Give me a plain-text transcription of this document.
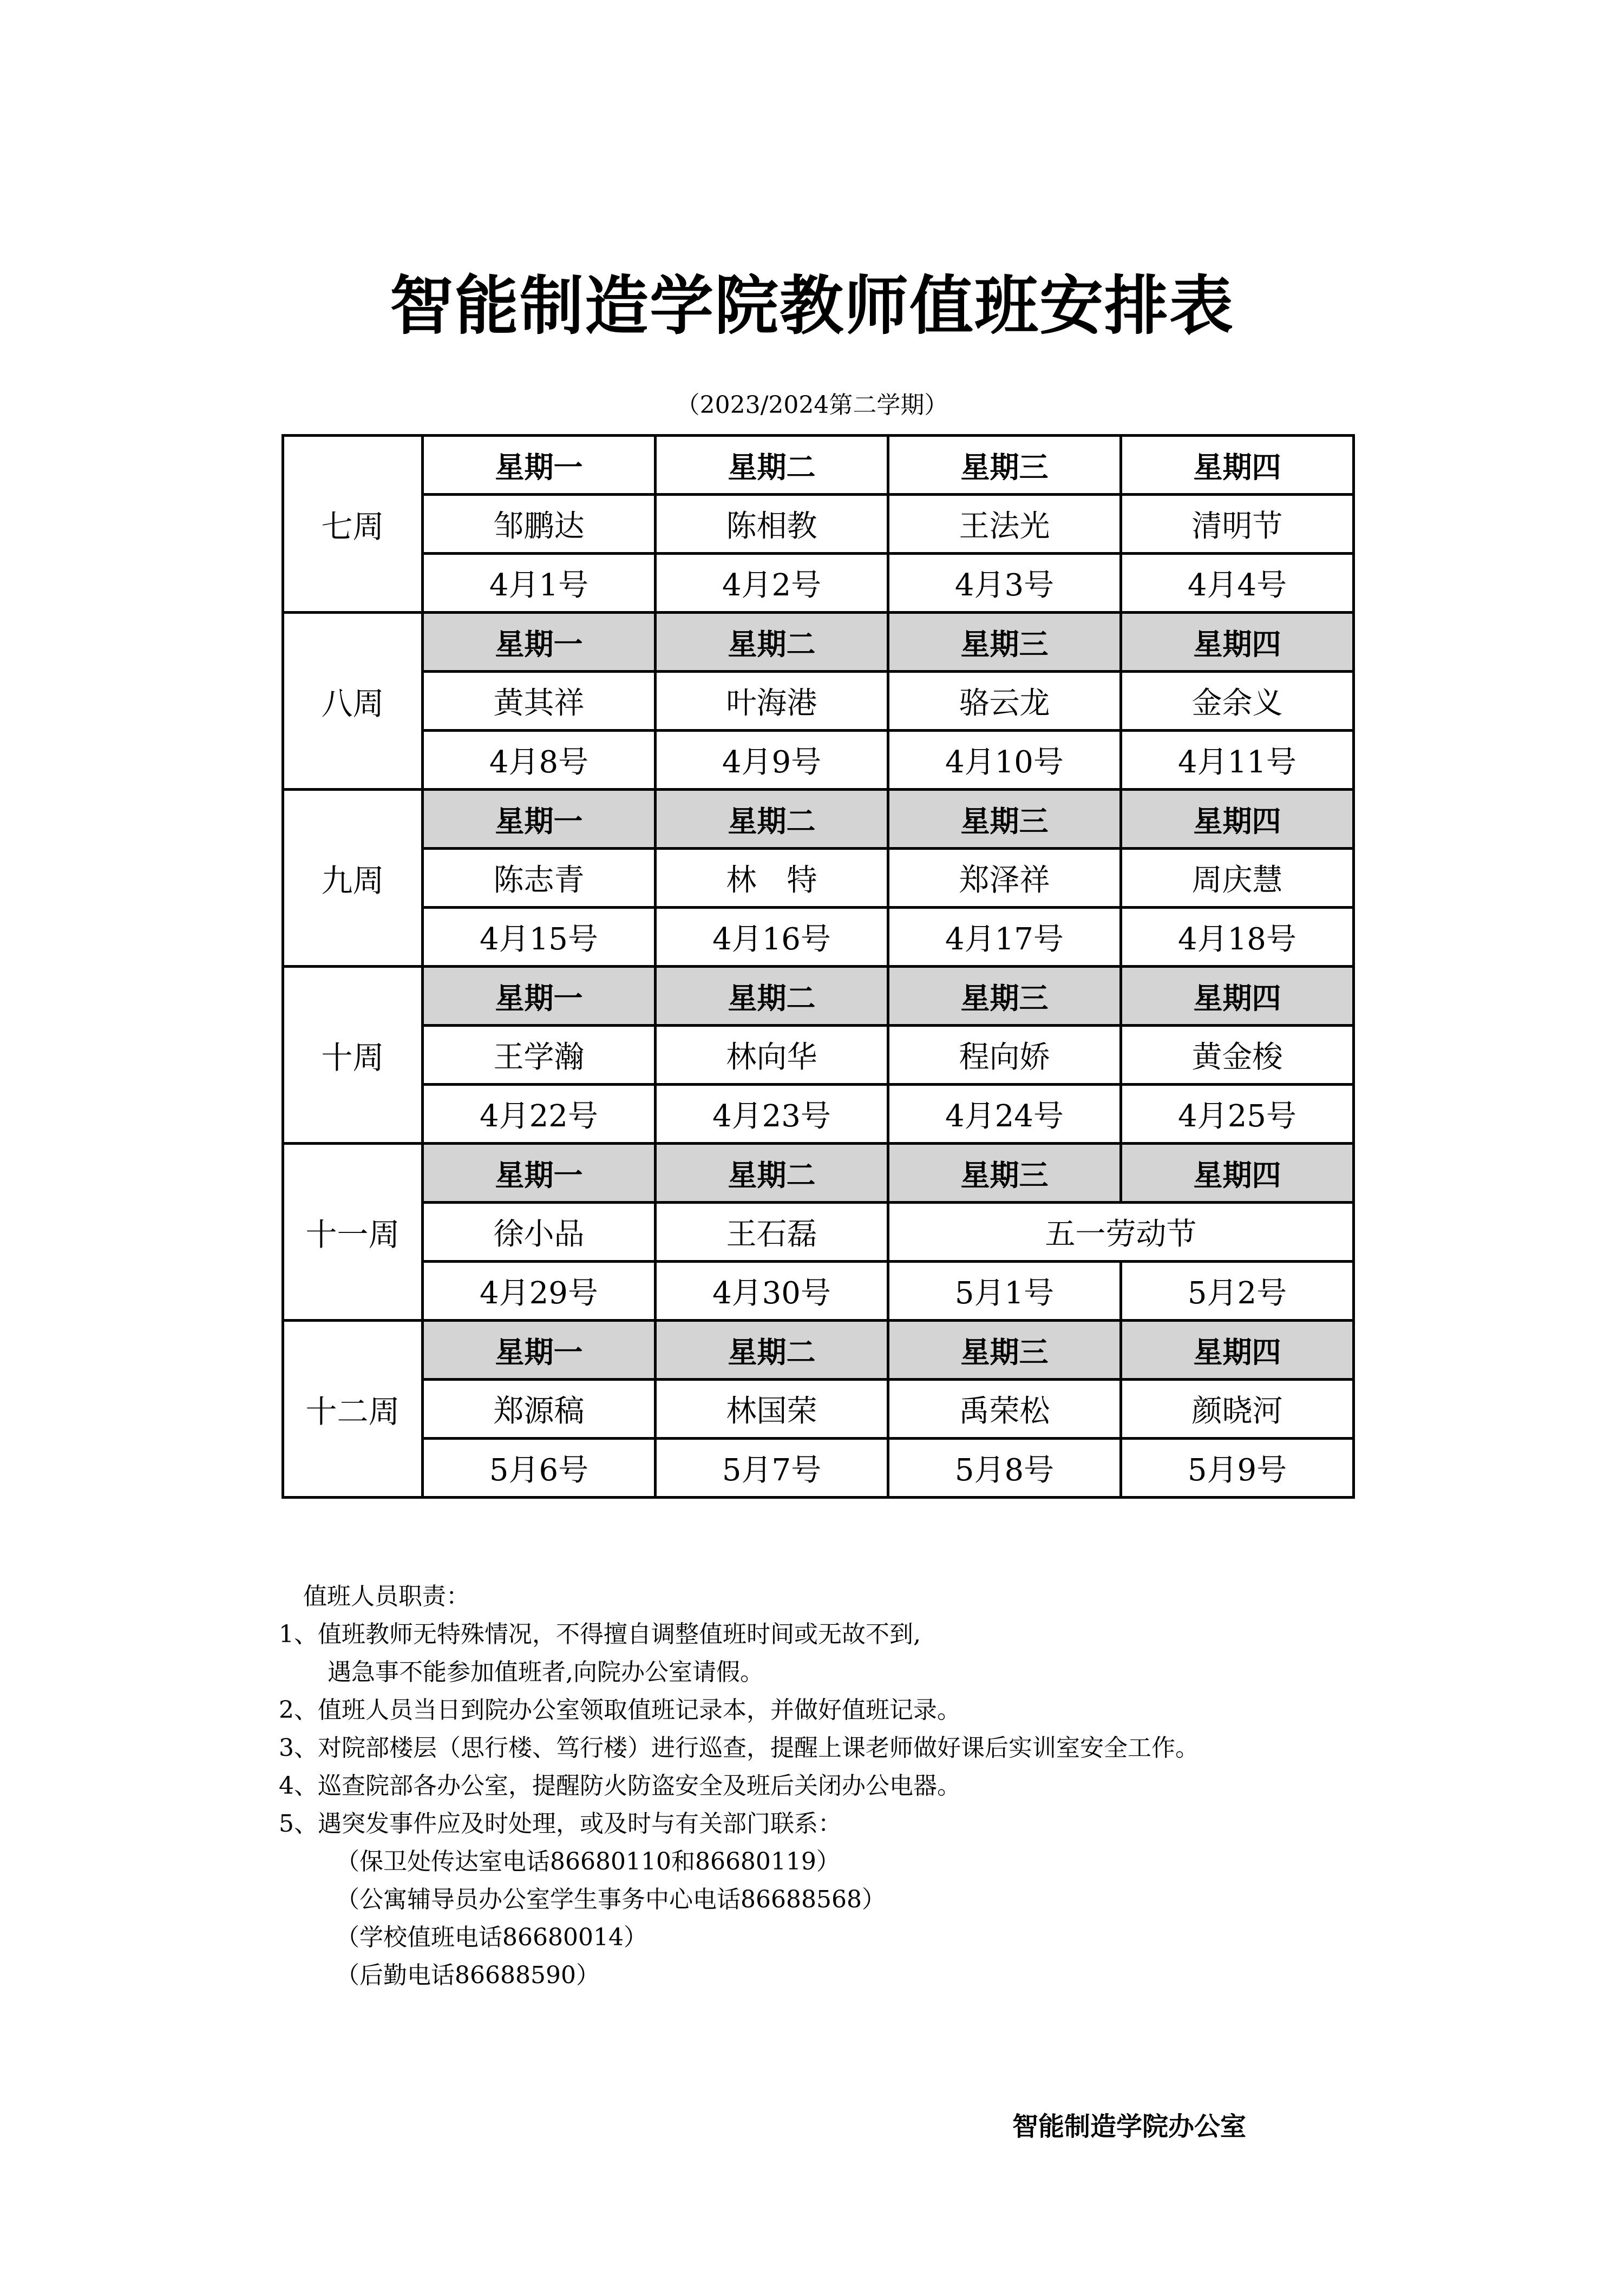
智能制造学院教师值班安排表
（2023/2024第二学期）
七周	星期一	星期二	星期三	星期四
	邹鹏达	陈相教	王法光	清明节
	4月1号	4月2号	4月3号	4月4号
八周	星期一	星期二	星期三	星期四
	黄其祥	叶海港	骆云龙	金余义
	4月8号	4月9号	4月10号	4月11号
九周	星期一	星期二	星期三	星期四
	陈志青	林　特	郑泽祥	周庆慧
	4月15号	4月16号	4月17号	4月18号
十周	星期一	星期二	星期三	星期四
	王学瀚	林向华	程向娇	黄金梭
	4月22号	4月23号	4月24号	4月25号
十一周	星期一	星期二	星期三	星期四
	徐小品	王石磊	五一劳动节	
	4月29号	4月30号	5月1号	5月2号
十二周	星期一	星期二	星期三	星期四
	郑源稿	林国荣	禹荣松	颜晓河
	5月6号	5月7号	5月8号	5月9号
值班人员职责：
1、值班教师无特殊情况，不得擅自调整值班时间或无故不到,
遇急事不能参加值班者,向院办公室请假。
2、值班人员当日到院办公室领取值班记录本，并做好值班记录。
3、对院部楼层（思行楼、笃行楼）进行巡查，提醒上课老师做好课后实训室安全工作。
4、巡查院部各办公室，提醒防火防盗安全及班后关闭办公电器。
5、遇突发事件应及时处理，或及时与有关部门联系：
（保卫处传达室电话86680110和86680119）
（公寓辅导员办公室学生事务中心电话86688568）
（学校值班电话86680014）
（后勤电话86688590）
智能制造学院办公室
